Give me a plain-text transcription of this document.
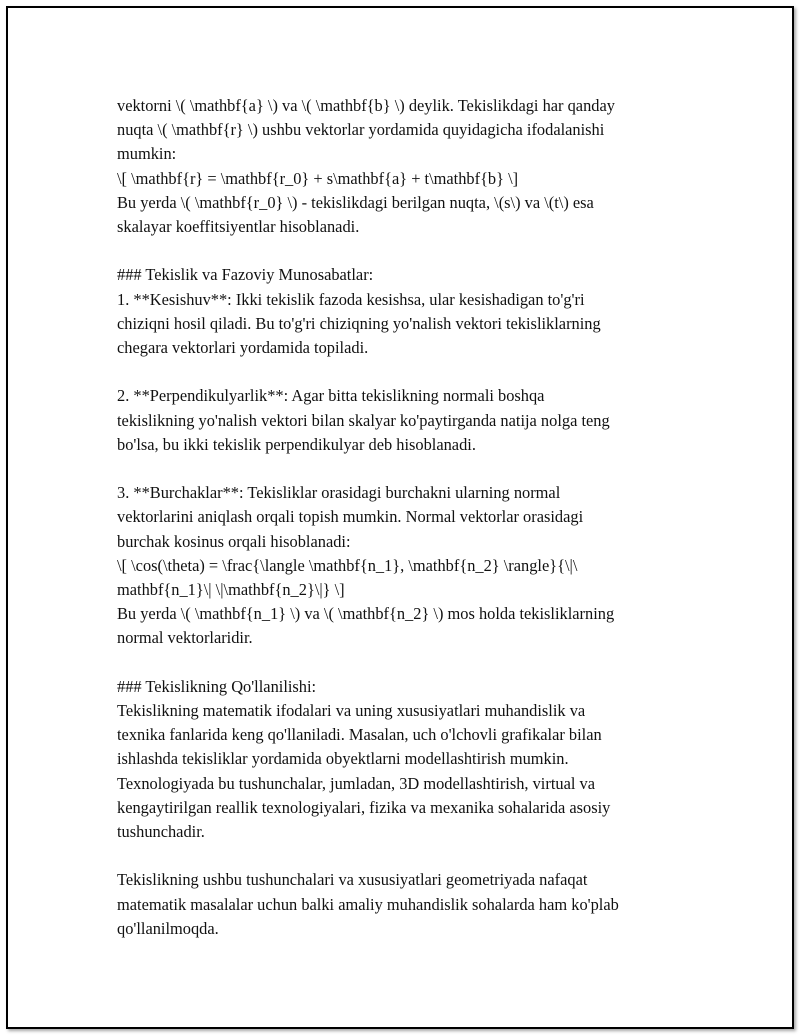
vektorni \( \mathbf{a} \) va \( \mathbf{b} \) deylik. Tekislikdagi har qanday
nuqta \( \mathbf{r} \) ushbu vektorlar yordamida quyidagicha ifodalanishi
mumkin:
\[ \mathbf{r} = \mathbf{r_0} + s\mathbf{a} + t\mathbf{b} \]
Bu yerda \( \mathbf{r_0} \) - tekislikdagi berilgan nuqta, \(s\) va \(t\) esa
skalayar koeffitsiyentlar hisoblanadi.
### Tekislik va Fazoviy Munosabatlar:
1. **Kesishuv**: Ikki tekislik fazoda kesishsa, ular kesishadigan to'g'ri
chiziqni hosil qiladi. Bu to'g'ri chiziqning yo'nalish vektori tekisliklarning
chegara vektorlari yordamida topiladi.
2. **Perpendikulyarlik**: Agar bitta tekislikning normali boshqa
tekislikning yo'nalish vektori bilan skalyar ko'paytirganda natija nolga teng
bo'lsa, bu ikki tekislik perpendikulyar deb hisoblanadi.
3. **Burchaklar**: Tekisliklar orasidagi burchakni ularning normal
vektorlarini aniqlash orqali topish mumkin. Normal vektorlar orasidagi
burchak kosinus orqali hisoblanadi:
\[ \cos(\theta) = \frac{\langle \mathbf{n_1}, \mathbf{n_2} \rangle}{\|\
mathbf{n_1}\| \|\mathbf{n_2}\|} \]
Bu yerda \( \mathbf{n_1} \) va \( \mathbf{n_2} \) mos holda tekisliklarning
normal vektorlaridir.
### Tekislikning Qo'llanilishi:
Tekislikning matematik ifodalari va uning xususiyatlari muhandislik va
texnika fanlarida keng qo'llaniladi. Masalan, uch o'lchovli grafikalar bilan
ishlashda tekisliklar yordamida obyektlarni modellashtirish mumkin.
Texnologiyada bu tushunchalar, jumladan, 3D modellashtirish, virtual va
kengaytirilgan reallik texnologiyalari, fizika va mexanika sohalarida asosiy
tushunchadir.
Tekislikning ushbu tushunchalari va xususiyatlari geometriyada nafaqat
matematik masalalar uchun balki amaliy muhandislik sohalarda ham ko'plab
qo'llanilmoqda.
